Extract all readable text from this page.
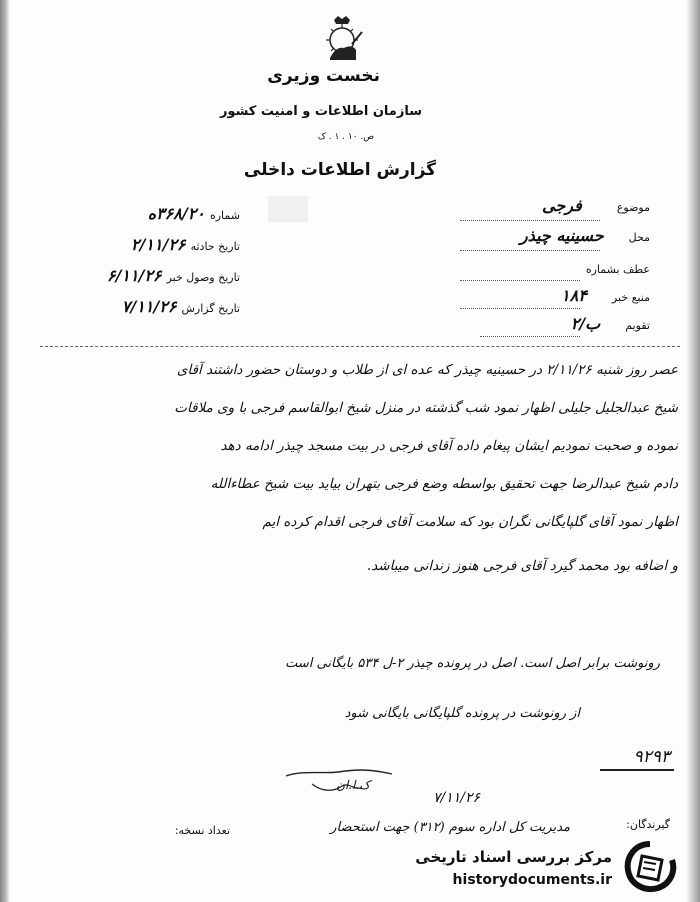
نخست وزیری
سازمان اطلاعات و امنیت کشور
ص. ۱۰ . ۱ . ک
گزارش اطلاعات داخلی
شماره ۳۶۸/۲۰ه
تاریخ حادثه ۲/۱۱/۲۶
تاریخ وصول خبر ۶/۱۱/۲۶
تاریخ گزارش ۷/۱۱/۲۶
موضوع فرجی
محل حسینیه چیذر
عطف بشماره
منبع خبر ۱۸۴
تقویم ب/۲
عصر روز شنبه ۲/۱۱/۲۶ در حسینیه چیذر که عده ای از طلاب و دوستان حضور داشتند آقای
شیخ عبدالجلیل جلیلی اظهار نمود شب گذشته در منزل شیخ ابوالقاسم فرجی با وی ملاقات
نموده و صحبت نمودیم ایشان پیغام داده آقای فرجی در بیت مسجد چیذر ادامه دهد
دادم شیخ عبدالرضا جهت تحقیق بواسطه وضع فرجی بتهران بیاید بیت شیخ عطاءالله
اظهار نمود آقای گلپایگانی نگران بود که سلامت آقای فرجی اقدام کرده ایم
و اضافه بود محمد گیرد آقای فرجی هنوز زندانی میباشد.
رونوشت برابر اصل است. اصل در پرونده چیذر ۲-ل ۵۳۴ بایگانی است
از رونوشت در پرونده گلپایگانی بایگانی شود
۹۲۹۳
ک.ا.ان
۷/۱۱/۲۶
گیرندگان:
مدیریت کل اداره سوم (۳۱۲) جهت استحضار
تعداد نسخه:
مرکز بررسی اسناد تاریخی
historydocuments.ir
